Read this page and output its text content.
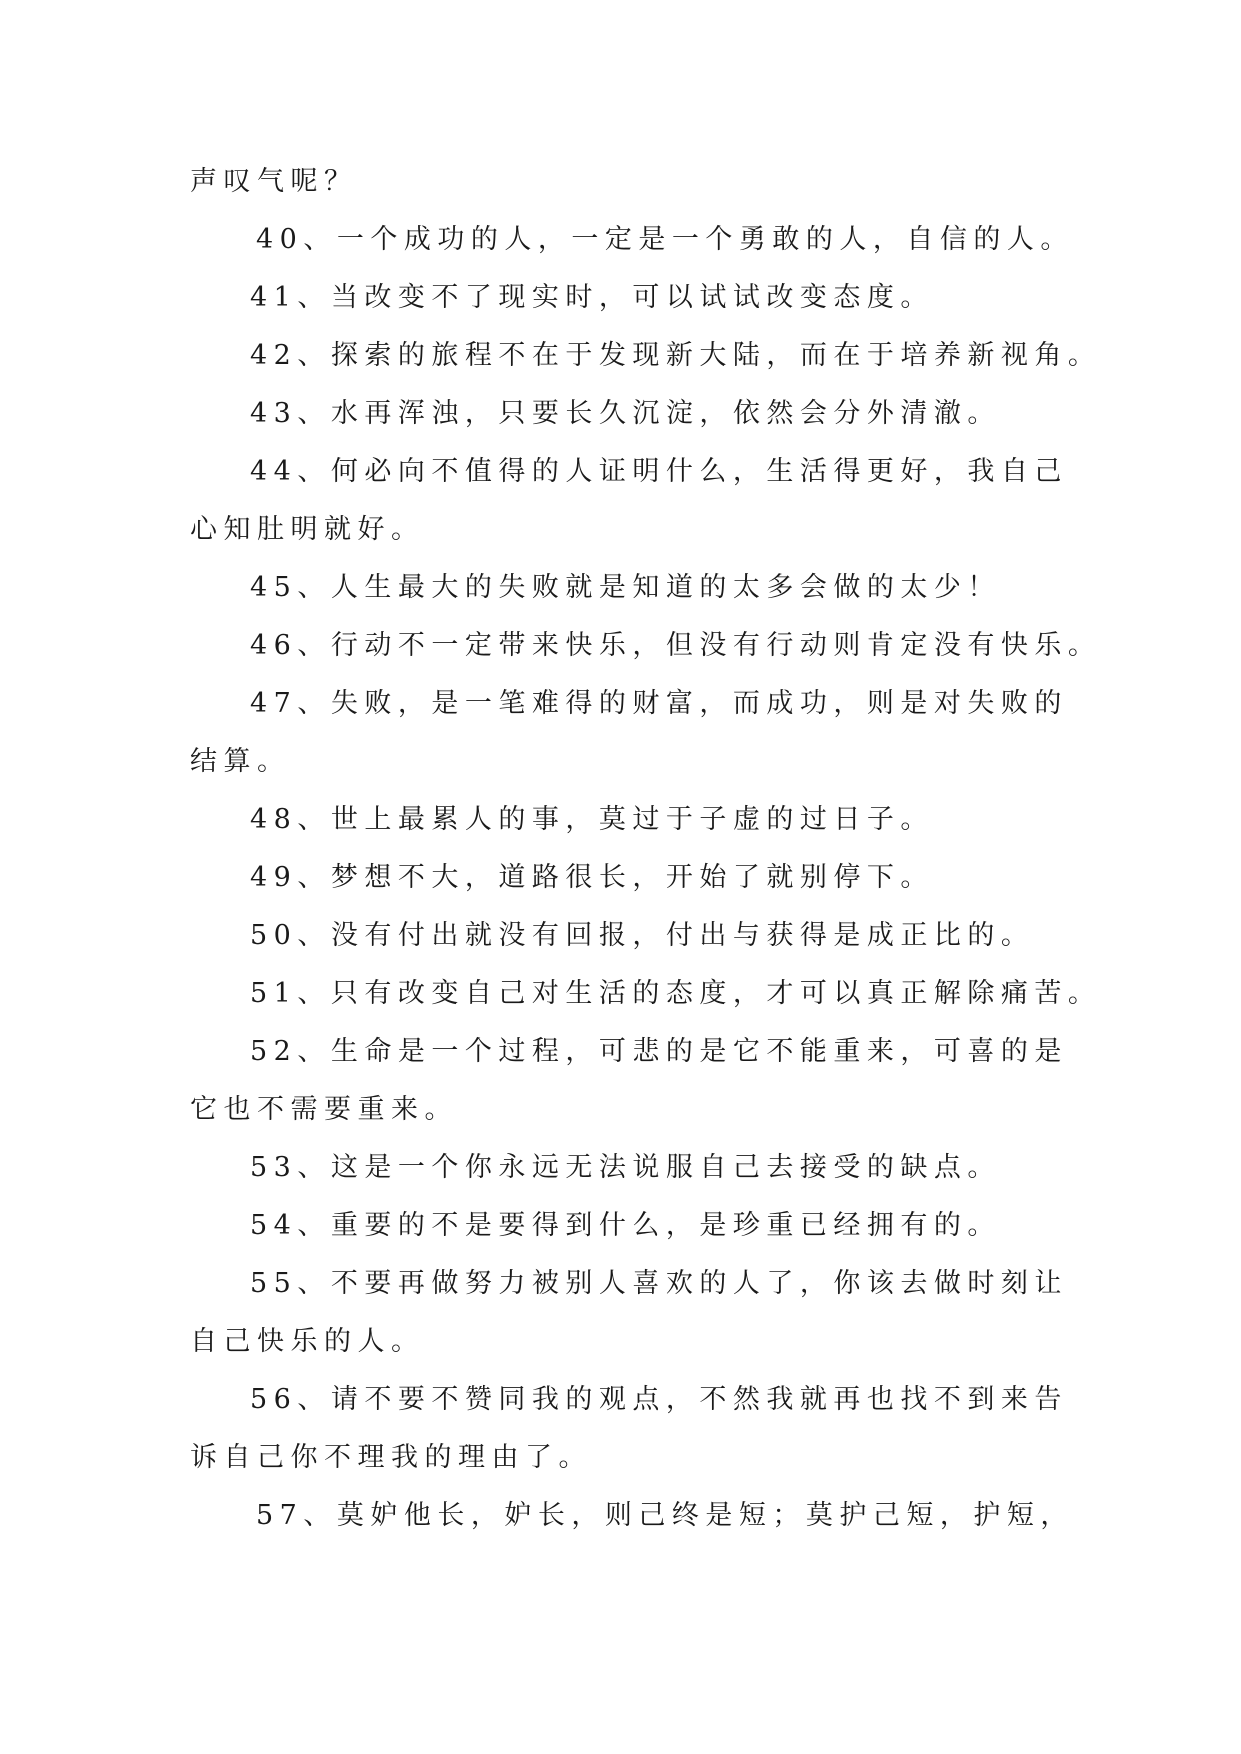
声叹气呢？
40、一个成功的人，一定是一个勇敢的人，自信的人。
41、当改变不了现实时，可以试试改变态度。
42、探索的旅程不在于发现新大陆，而在于培养新视角。
43、水再浑浊，只要长久沉淀，依然会分外清澈。
44、何必向不值得的人证明什么，生活得更好，我自己
心知肚明就好。
45、人生最大的失败就是知道的太多会做的太少！
46、行动不一定带来快乐，但没有行动则肯定没有快乐。
47、失败，是一笔难得的财富，而成功，则是对失败的
结算。
48、世上最累人的事，莫过于子虚的过日子。
49、梦想不大，道路很长，开始了就别停下。
50、没有付出就没有回报，付出与获得是成正比的。
51、只有改变自己对生活的态度，才可以真正解除痛苦。
52、生命是一个过程，可悲的是它不能重来，可喜的是
它也不需要重来。
53、这是一个你永远无法说服自己去接受的缺点。
54、重要的不是要得到什么，是珍重已经拥有的。
55、不要再做努力被别人喜欢的人了，你该去做时刻让
自己快乐的人。
56、请不要不赞同我的观点，不然我就再也找不到来告
诉自己你不理我的理由了。
57、莫妒他长，妒长，则己终是短；莫护己短，护短，
